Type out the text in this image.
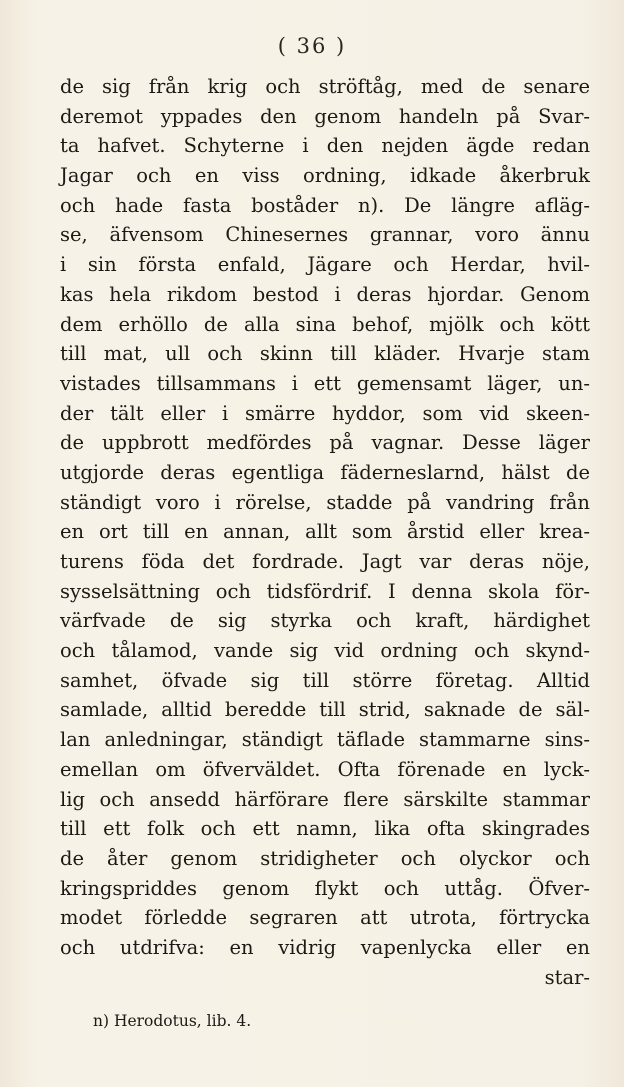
( 36 )
de sig från krig och ströftåg, med de senare
deremot yppades den genom handeln på Svar-
ta hafvet. Schyterne i den nejden ägde redan
Jagar och en viss ordning, idkade åkerbruk
och hade fasta boståder n). De längre afläg-
se, äfvensom Chinesernes grannar, voro ännu
i sin första enfald, Jägare och Herdar, hvil-
kas hela rikdom bestod i deras hjordar. Genom
dem erhöllo de alla sina behof, mjölk och kött
till mat, ull och skinn till kläder. Hvarje stam
vistades tillsammans i ett gemensamt läger, un-
der tält eller i smärre hyddor, som vid skeen-
de uppbrott medfördes på vagnar. Desse läger
utgjorde deras egentliga fäderneslarnd, hälst de
ständigt voro i rörelse, stadde på vandring från
en ort till en annan, allt som årstid eller krea-
turens föda det fordrade. Jagt var deras nöje,
sysselsättning och tidsfördrif. I denna skola för-
värfvade de sig styrka och kraft, härdighet
och tålamod, vande sig vid ordning och skynd-
samhet, öfvade sig till större företag. Alltid
samlade, alltid beredde till strid, saknade de säl-
lan anledningar, ständigt täflade stammarne sins-
emellan om öfverväldet. Ofta förenade en lyck-
lig och ansedd härförare flere särskilte stammar
till ett folk och ett namn, lika ofta skingrades
de åter genom stridigheter och olyckor och
kringspriddes genom flykt och uttåg. Öfver-
modet förledde segraren att utrota, förtrycka
och utdrifva: en vidrig vapenlycka eller en
star-
n) Herodotus, lib. 4.
